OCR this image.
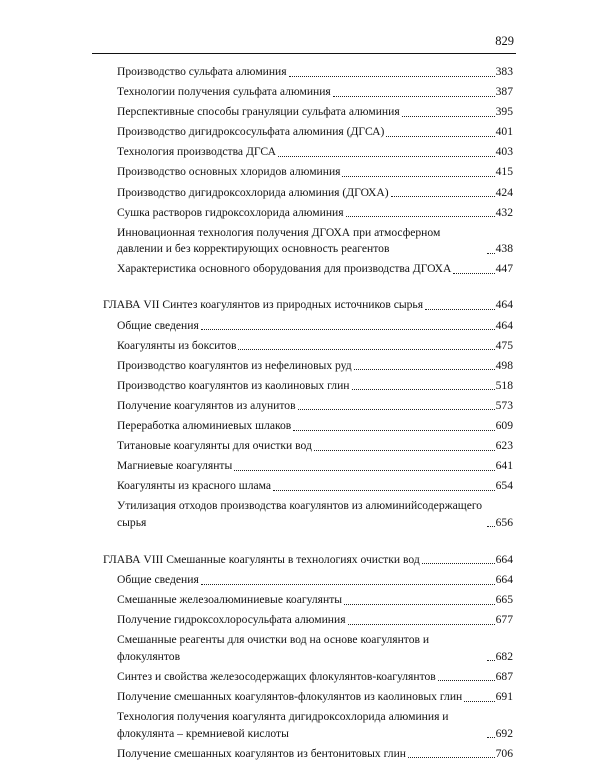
829
Производство сульфата алюминия	383
Технологии получения сульфата алюминия	387
Перспективные способы грануляции сульфата алюминия	395
Производство дигидроксосульфата алюминия (ДГСА)	401
Технология производства ДГСА	403
Производство основных хлоридов алюминия	415
Производство дигидроксохлорида алюминия (ДГОХА)	424
Сушка растворов гидроксохлорида алюминия	432
Инновационная технология получения ДГОХА при атмосферном давлении и без корректирующих основность реагентов	438
Характеристика основного оборудования для производства ДГОХА	447
ГЛАВА VII Синтез коагулянтов из природных источников сырья	464
Общие сведения	464
Коагулянты из бокситов	475
Производство коагулянтов из нефелиновых руд	498
Производство коагулянтов из каолиновых глин	518
Получение коагулянтов из алунитов	573
Переработка алюминиевых шлаков	609
Титановые коагулянты для очистки вод	623
Магниевые коагулянты	641
Коагулянты из красного шлама	654
Утилизация отходов производства коагулянтов из алюминийсодержащего сырья	656
ГЛАВА VIII Смешанные коагулянты в технологиях очистки вод	664
Общие сведения	664
Смешанные железоалюминиевые коагулянты	665
Получение гидроксохлоросульфата алюминия	677
Смешанные реагенты для очистки вод на основе коагулянтов и флокулянтов	682
Синтез и свойства железосодержащих флокулянтов-коагулянтов	687
Получение смешанных коагулянтов-флокулянтов из каолиновых глин	691
Технология получения коагулянта дигидроксохлорида алюминия и флокулянта – кремниевой кислоты	692
Получение смешанных коагулянтов из бентонитовых глин	706
